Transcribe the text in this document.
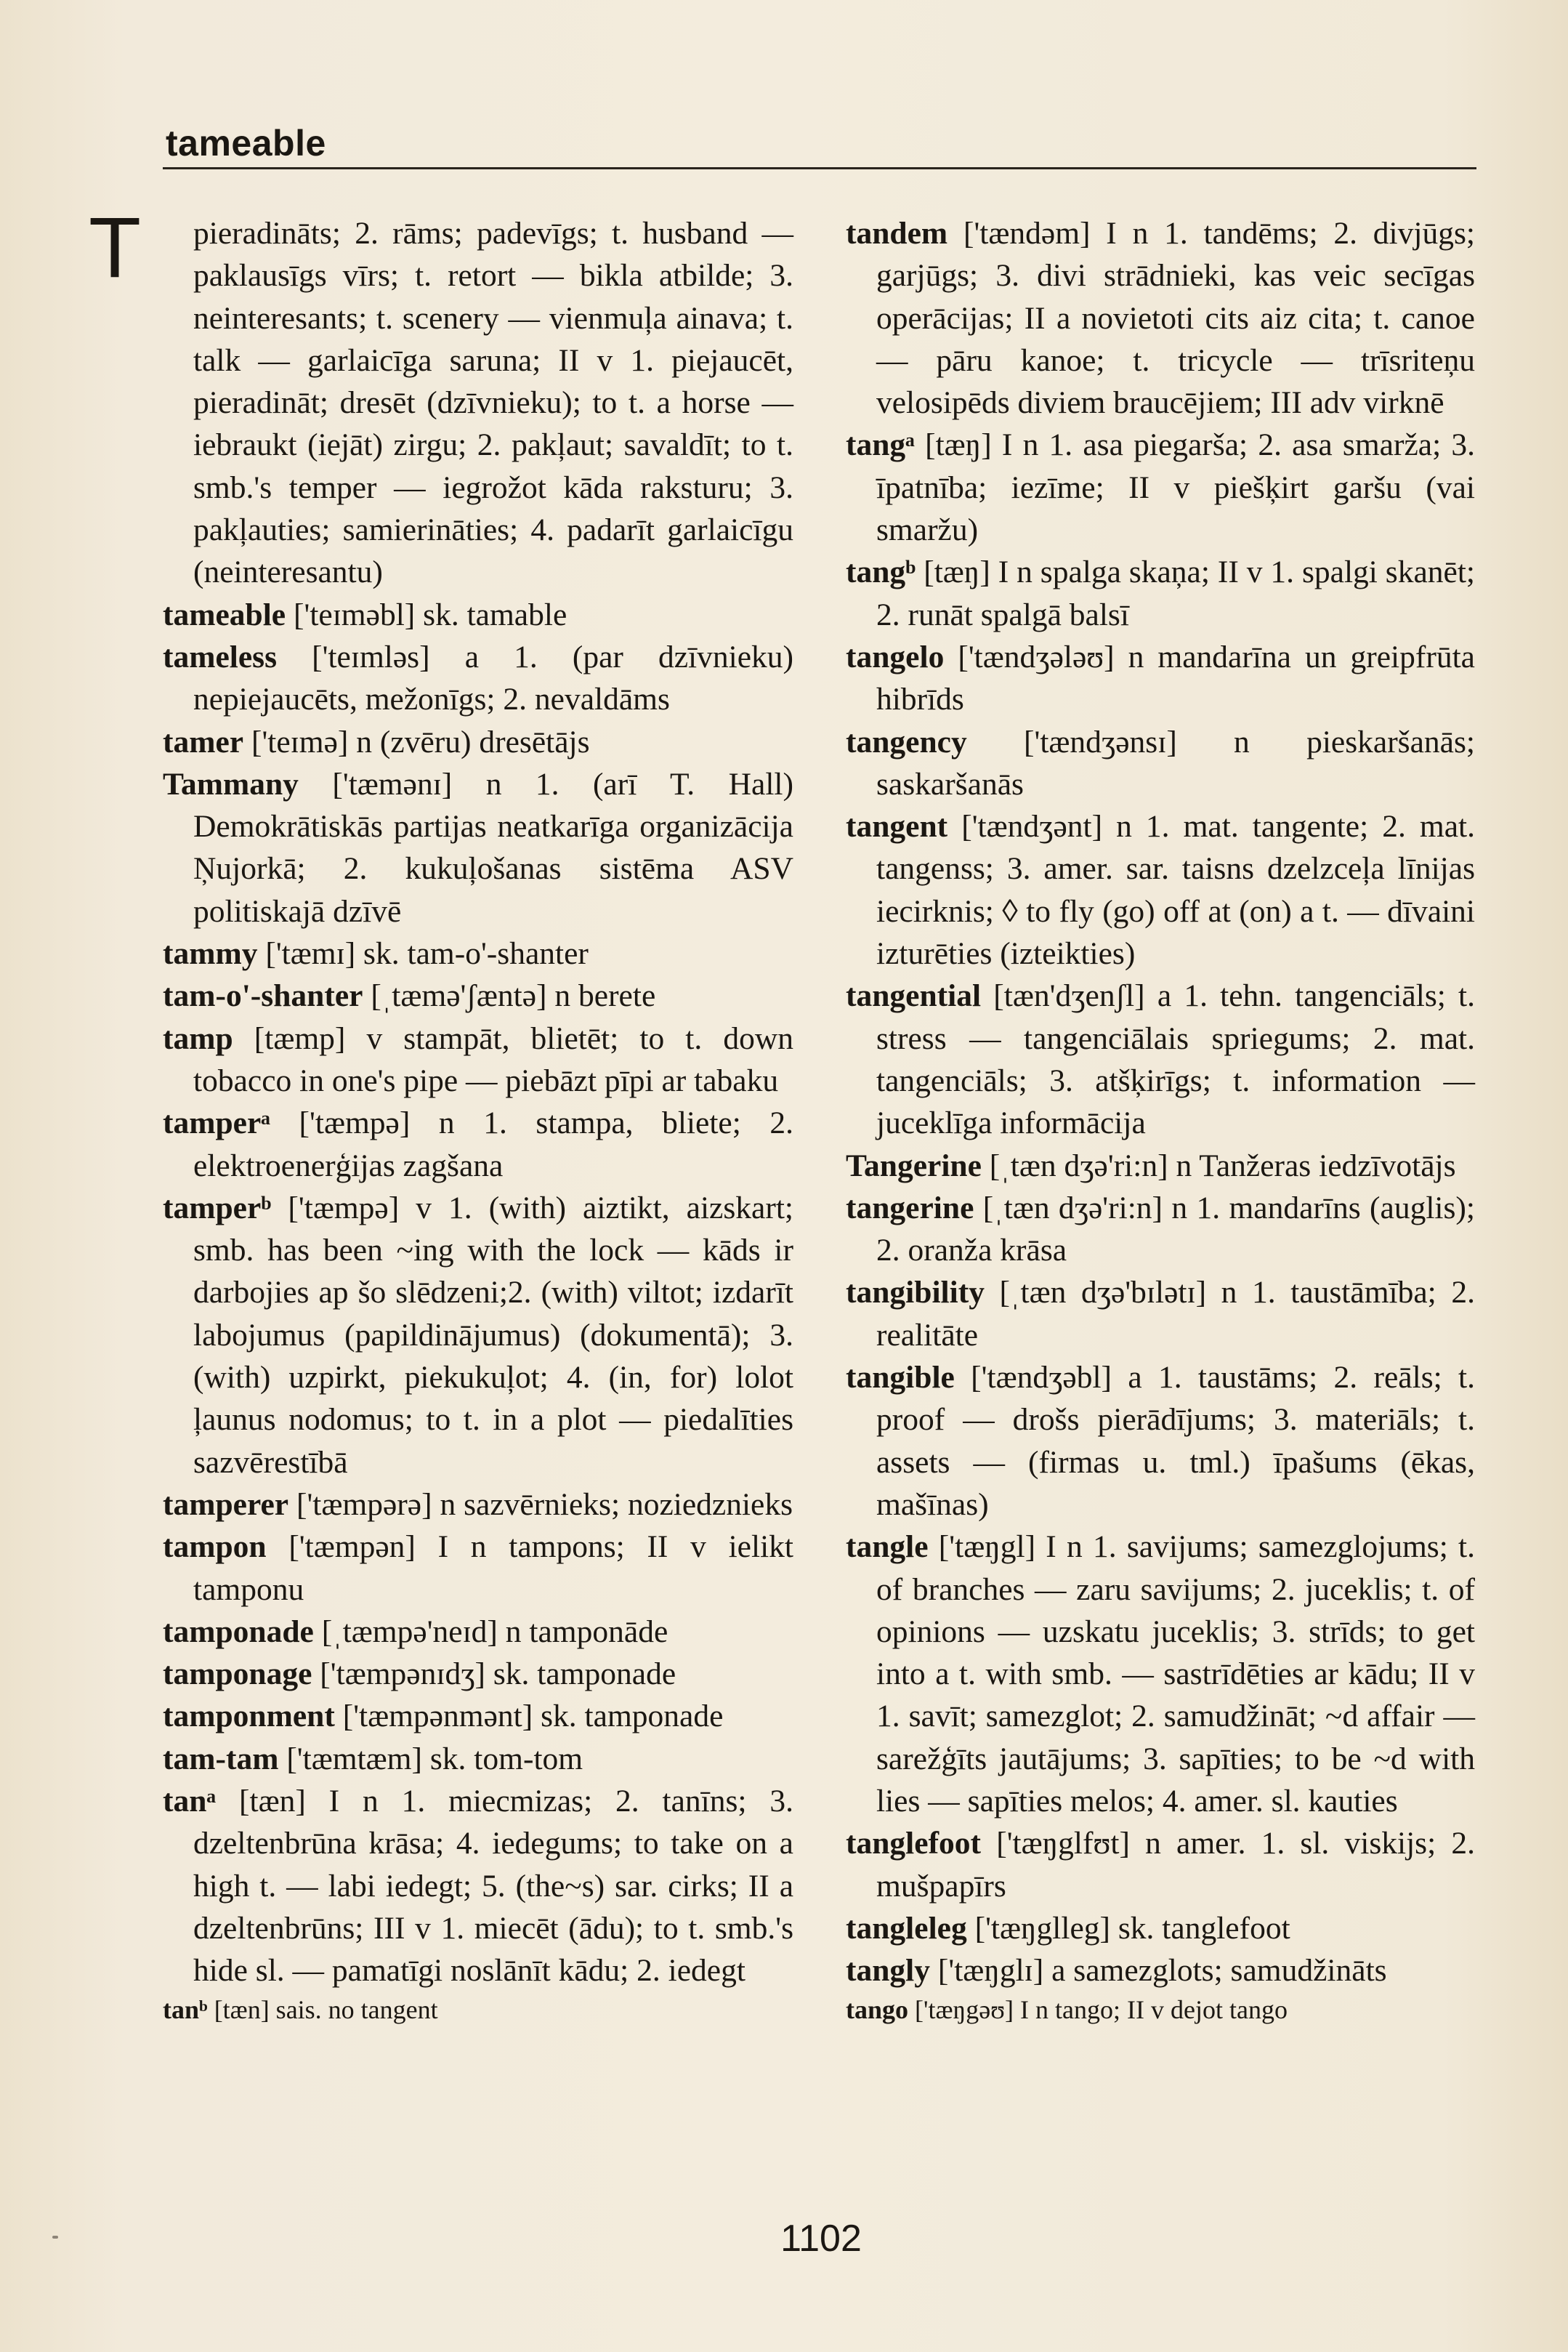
tameable
T	pieradināts; 2. rāms; padevīgs; t. husband — paklausīgs vīrs; t. retort — bikla atbilde; 3. neinteresants; t. scenery — vienmuļa ainava; t. talk — garlaicīga saruna; II v 1. piejaucēt, pieradināt; dresēt (dzīvnieku); to t. a horse — iebraukt (iejāt) zirgu; 2. pakļaut; savaldīt; to t. smb.'s temper — iegrožot kāda raksturu; 3. pakļauties; samierināties; 4. padarīt garlaicīgu (neinteresantu)

tameable ['teɪməbl] sk. tamable

tameless ['teɪmləs] a 1. (par dzīvnieku) nepiejaucēts, mežonīgs; 2. nevaldāms

tamer ['teɪmə] n (zvēru) dresētājs

Tammany ['tæmənɪ] n 1. (arī T. Hall) Demokrātiskās partijas neatkarīga organizācija Ņujorkā; 2. kukuļošanas sistēma ASV politiskajā dzīvē

tammy ['tæmɪ] sk. tam-o'-shanter

tam-o'-shanter [ˌtæmə'ʃæntə] n berete

tamp [tæmp] v stampāt, blietēt; to t. down tobacco in one's pipe — piebāzt pīpi ar tabaku

tamperᵃ ['tæmpə] n 1. stampa, bliete; 2. elektroenerģijas zagšana

tamperᵇ ['tæmpə] v 1. (with) aiztikt, aizskart; smb. has been ~ing with the lock — kāds ir darbojies ap šo slēdzeni;2. (with) viltot; izdarīt labojumus (papildinājumus) (dokumentā); 3. (with) uzpirkt, piekukuļot; 4. (in, for) lolot ļaunus nodomus; to t. in a plot — piedalīties sazvērestībā

tamperer ['tæmpərə] n sazvērnieks; noziedznieks

tampon ['tæmpən] I n tampons; II v ielikt tamponu

tamponade [ˌtæmpə'neɪd] n tamponāde

tamponage ['tæmpənɪdʒ] sk. tamponade

tamponment ['tæmpənmənt] sk. tamponade

tam-tam ['tæmtæm] sk. tom-tom

tanᵃ [tæn] I n 1. miecmizas; 2. tanīns; 3. dzeltenbrūna krāsa; 4. iedegums; to take on a high t. — labi iedegt; 5. (the~s) sar. cirks; II a dzeltenbrūns; III v 1. miecēt (ādu); to t. smb.'s hide sl. — pamatīgi noslānīt kādu; 2. iedegt

tanᵇ [tæn] sais. no tangent

tandem ['tændəm] I n 1. tandēms; 2. divjūgs; garjūgs; 3. divi strādnieki, kas veic secīgas operācijas; II a novietoti cits aiz cita; t. canoe — pāru kanoe; t. tricycle — trīsriteņu velosipēds diviem braucējiem; III adv virknē

tangᵃ [tæŋ] I n 1. asa piegarša; 2. asa smarža; 3. īpatnība; iezīme; II v piešķirt garšu (vai smaržu)

tangᵇ [tæŋ] I n spalga skaņa; II v 1. spalgi skanēt; 2. runāt spalgā balsī

tangelo ['tændʒələʊ] n mandarīna un greipfrūta hibrīds

tangency ['tændʒənsɪ] n pieskaršanās; saskaršanās

tangent ['tændʒənt] n 1. mat. tangente; 2. mat. tangenss; 3. amer. sar. taisns dzelzceļa līnijas iecirknis; ◊ to fly (go) off at (on) a t. — dīvaini izturēties (izteikties)

tangential [tæn'dʒenʃl] a 1. tehn. tangenciāls; t. stress — tangenciālais spriegums; 2. mat. tangenciāls; 3. atšķirīgs; t. information — juceklīga informācija

Tangerine [ˌtæn dʒə'ri:n] n Tanžeras iedzīvotājs

tangerine [ˌtæn dʒə'ri:n] n 1. mandarīns (auglis); 2. oranža krāsa

tangibility [ˌtæn dʒə'bɪlətɪ] n 1. taustāmība; 2. realitāte

tangible ['tændʒəbl] a 1. taustāms; 2. reāls; t. proof — drošs pierādījums; 3. materiāls; t. assets — (firmas u. tml.) īpašums (ēkas, mašīnas)

tangle ['tæŋgl] I n 1. savijums; samezglojums; t. of branches — zaru savijums; 2. juceklis; t. of opinions — uzskatu juceklis; 3. strīds; to get into a t. with smb. — sastrīdēties ar kādu; II v 1. savīt; samezglot; 2. samudžināt; ~d affair — sarežģīts jautājums; 3. sapīties; to be ~d with lies — sapīties melos; 4. amer. sl. kauties

tanglefoot ['tæŋglfʊt] n amer. 1. sl. viskijs; 2. mušpapīrs

tangleleg ['tæŋglleg] sk. tanglefoot

tangly ['tæŋglɪ] a samezglots; samudžināts

tango ['tæŋgəʊ] I n tango; II v dejot tango

1102
